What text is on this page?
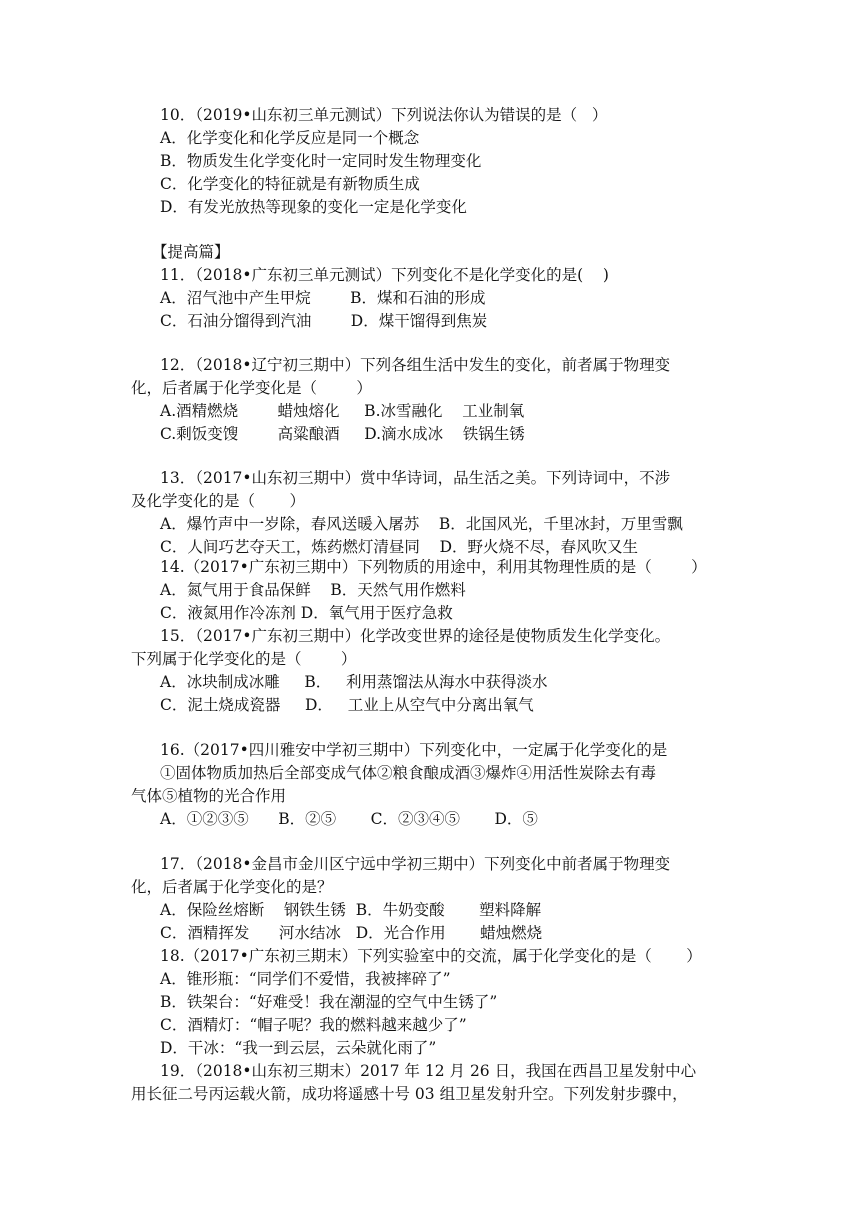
10．（2019•山东初三单元测试）下列说法你认为错误的是（   ）
A．化学变化和化学反应是同一个概念
B．物质发生化学变化时一定同时发生物理变化
C．化学变化的特征就是有新物质生成
D．有发光放热等现象的变化一定是化学变化
【提高篇】
11．（2018•广东初三单元测试）下列变化不是化学变化的是(    )
A．沼气池中产生甲烷        B．煤和石油的形成
C．石油分馏得到汽油        D．煤干馏得到焦炭
12．（2018•辽宁初三期中）下列各组生活中发生的变化，前者属于物理变
化，后者属于化学变化是（        ）
A.酒精燃烧        蜡烛熔化     B.冰雪融化    工业制氧
C.剩饭变馊        高粱酿酒     D.滴水成冰    铁锅生锈
13．（2017•山东初三期中）赏中华诗词，品生活之美。下列诗词中，不涉
及化学变化的是（       ）
A．爆竹声中一岁除，春风送暖入屠苏    B．北国风光，千里冰封，万里雪飘
C．人间巧艺夺天工，炼药燃灯清昼同    D．野火烧不尽，春风吹又生
14.（2017•广东初三期中）下列物质的用途中，利用其物理性质的是（        ）
A．氮气用于食品保鲜    B．天然气用作燃料
C．液氮用作冷冻剂 D．氧气用于医疗急救
15．（2017•广东初三期中）化学改变世界的途径是使物质发生化学变化。
下列属于化学变化的是（        ）
A．冰块制成冰雕     B．   利用蒸馏法从海水中获得淡水
C．泥土烧成瓷器     D．   工业上从空气中分离出氧气
16.（2017•四川雅安中学初三期中）下列变化中，一定属于化学变化的是
①固体物质加热后全部变成气体②粮食酿成酒③爆炸④用活性炭除去有毒
气体⑤植物的光合作用
A．①②③⑤      B．②⑤       C．②③④⑤       D．⑤
17．（2018•金昌市金川区宁远中学初三期中）下列变化中前者属于物理变
化，后者属于化学变化的是？
A．保险丝熔断    钢铁生锈  B．牛奶变酸       塑料降解
C．酒精挥发      河水结冰   D．光合作用       蜡烛燃烧
18.（2017•广东初三期末）下列实验室中的交流，属于化学变化的是（       ）
A．锥形瓶：“同学们不爱惜，我被摔碎了”
B．铁架台：“好难受！我在潮湿的空气中生锈了”
C．酒精灯：“帽子呢？我的燃料越来越少了”
D．干冰：“我一到云层，云朵就化雨了”
19．（2018•山东初三期末）2017 年 12 月 26 日，我国在西昌卫星发射中心
用长征二号丙运载火箭，成功将遥感十号 03 组卫星发射升空。下列发射步骤中，
